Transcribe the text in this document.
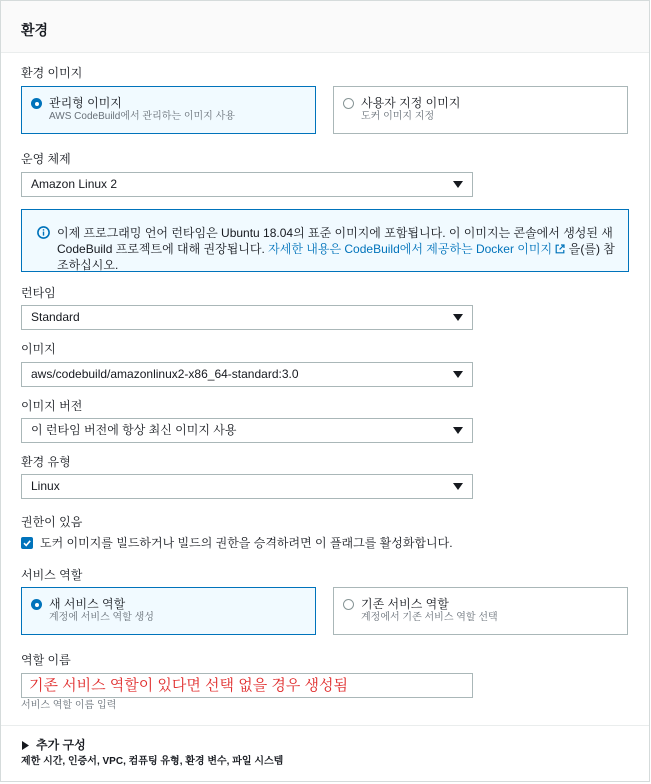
환경
환경 이미지
관리형 이미지
AWS CodeBuild에서 관리하는 이미지 사용
사용자 지정 이미지
도커 이미지 지정
운영 체제
Amazon Linux 2
이제 프로그래밍 언어 런타임은 Ubuntu 18.04의 표준 이미지에 포함됩니다. 이 이미지는 콘솔에서 생성된 새 CodeBuild 프로젝트에 대해 권장됩니다. 자세한 내용은 CodeBuild에서 제공하는 Docker 이미지 을(를) 참조하십시오.
런타임
Standard
이미지
aws/codebuild/amazonlinux2-x86_64-standard:3.0
이미지 버전
이 런타임 버전에 항상 최신 이미지 사용
환경 유형
Linux
권한이 있음
도커 이미지를 빌드하거나 빌드의 권한을 승격하려면 이 플래그를 활성화합니다.
서비스 역할
새 서비스 역할
계정에 서비스 역할 생성
기존 서비스 역할
계정에서 기존 서비스 역할 선택
역할 이름
기존 서비스 역할이 있다면 선택 없을 경우 생성됨
서비스 역할 이름 입력
추가 구성
제한 시간, 인증서, VPC, 컴퓨팅 유형, 환경 변수, 파일 시스템
